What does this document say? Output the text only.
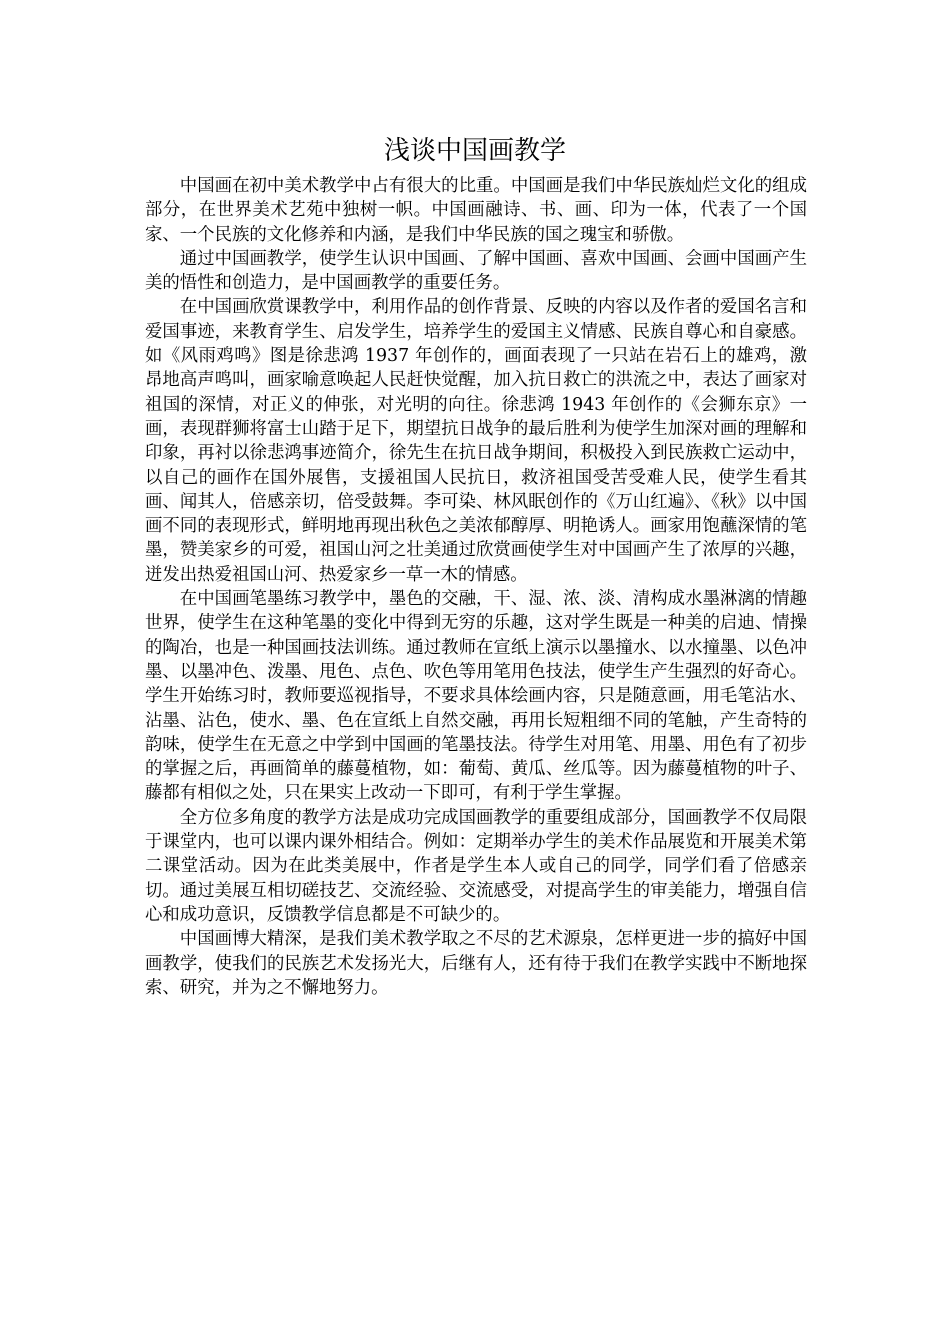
浅谈中国画教学

中国画在初中美术教学中占有很大的比重。中国画是我们中华民族灿烂文化的组成部分，在世界美术艺苑中独树一帜。中国画融诗、书、画、印为一体，代表了一个国家、一个民族的文化修养和内涵，是我们中华民族的国之瑰宝和骄傲。

通过中国画教学，使学生认识中国画、了解中国画、喜欢中国画、会画中国画产生美的悟性和创造力，是中国画教学的重要任务。

在中国画欣赏课教学中，利用作品的创作背景、反映的内容以及作者的爱国名言和爱国事迹，来教育学生、启发学生，培养学生的爱国主义情感、民族自尊心和自豪感。如《风雨鸡鸣》图是徐悲鸿 1937 年创作的，画面表现了一只站在岩石上的雄鸡，激昂地高声鸣叫，画家喻意唤起人民赶快觉醒，加入抗日救亡的洪流之中，表达了画家对祖国的深情，对正义的伸张，对光明的向往。徐悲鸿 1943 年创作的《会狮东京》一画，表现群狮将富士山踏于足下，期望抗日战争的最后胜利为使学生加深对画的理解和印象，再衬以徐悲鸿事迹简介，徐先生在抗日战争期间，积极投入到民族救亡运动中，以自己的画作在国外展售，支援祖国人民抗日，救济祖国受苦受难人民，使学生看其画、闻其人，倍感亲切，倍受鼓舞。李可染、林风眠创作的《万山红遍》、《秋》以中国画不同的表现形式，鲜明地再现出秋色之美浓郁醇厚、明艳诱人。画家用饱蘸深情的笔墨，赞美家乡的可爱，祖国山河之壮美通过欣赏画使学生对中国画产生了浓厚的兴趣，迸发出热爱祖国山河、热爱家乡一草一木的情感。

在中国画笔墨练习教学中，墨色的交融，干、湿、浓、淡、清构成水墨淋漓的情趣世界，使学生在这种笔墨的变化中得到无穷的乐趣，这对学生既是一种美的启迪、情操的陶冶，也是一种国画技法训练。通过教师在宣纸上演示以墨撞水、以水撞墨、以色冲墨、以墨冲色、泼墨、甩色、点色、吹色等用笔用色技法，使学生产生强烈的好奇心。学生开始练习时，教师要巡视指导，不要求具体绘画内容，只是随意画，用毛笔沾水、沾墨、沾色，使水、墨、色在宣纸上自然交融，再用长短粗细不同的笔触，产生奇特的韵味，使学生在无意之中学到中国画的笔墨技法。待学生对用笔、用墨、用色有了初步的掌握之后，再画简单的藤蔓植物，如：葡萄、黄瓜、丝瓜等。因为藤蔓植物的叶子、藤都有相似之处，只在果实上改动一下即可，有利于学生掌握。

全方位多角度的教学方法是成功完成国画教学的重要组成部分，国画教学不仅局限于课堂内，也可以课内课外相结合。例如：定期举办学生的美术作品展览和开展美术第二课堂活动。因为在此类美展中，作者是学生本人或自己的同学，同学们看了倍感亲切。通过美展互相切磋技艺、交流经验、交流感受，对提高学生的审美能力，增强自信心和成功意识，反馈教学信息都是不可缺少的。

中国画博大精深，是我们美术教学取之不尽的艺术源泉，怎样更进一步的搞好中国画教学，使我们的民族艺术发扬光大，后继有人，还有待于我们在教学实践中不断地探索、研究，并为之不懈地努力。
